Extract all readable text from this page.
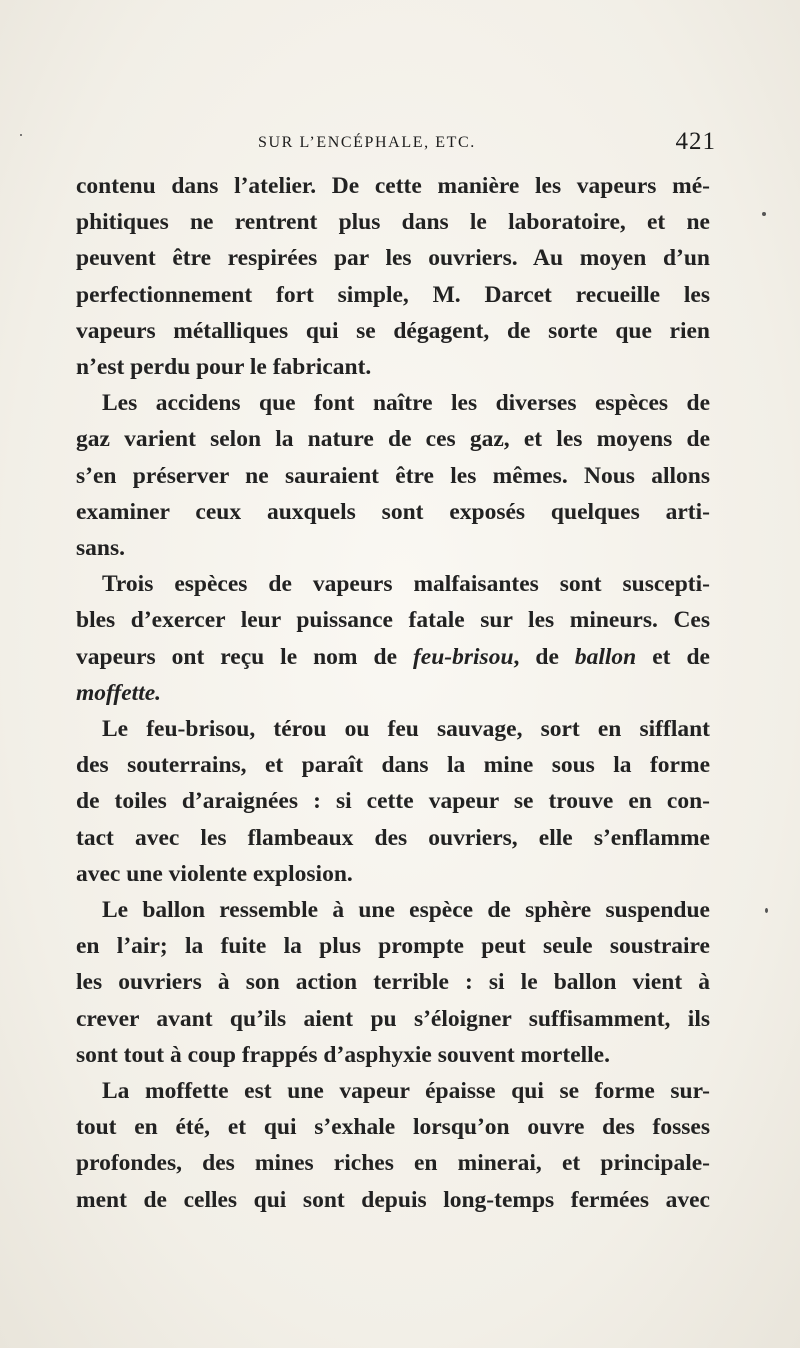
SUR L’ENCÉPHALE, ETC.	421

contenu dans l’atelier. De cette manière les vapeurs mé-
phitiques ne rentrent plus dans le laboratoire, et ne
peuvent être respirées par les ouvriers. Au moyen d’un
perfectionnement fort simple, M. Darcet recueille les
vapeurs métalliques qui se dégagent, de sorte que rien
n’est perdu pour le fabricant.

Les accidens que font naître les diverses espèces de
gaz varient selon la nature de ces gaz, et les moyens de
s’en préserver ne sauraient être les mêmes. Nous allons
examiner ceux auxquels sont exposés quelques arti-
sans.

Trois espèces de vapeurs malfaisantes sont suscepti-
bles d’exercer leur puissance fatale sur les mineurs. Ces
vapeurs ont reçu le nom de feu-brisou, de ballon et de
moffette.

Le feu-brisou, térou ou feu sauvage, sort en sifflant
des souterrains, et paraît dans la mine sous la forme
de toiles d’araignées : si cette vapeur se trouve en con-
tact avec les flambeaux des ouvriers, elle s’enflamme
avec une violente explosion.

Le ballon ressemble à une espèce de sphère suspendue
en l’air; la fuite la plus prompte peut seule soustraire
les ouvriers à son action terrible : si le ballon vient à
crever avant qu’ils aient pu s’éloigner suffisamment, ils
sont tout à coup frappés d’asphyxie souvent mortelle.

La moffette est une vapeur épaisse qui se forme sur-
tout en été, et qui s’exhale lorsqu’on ouvre des fosses
profondes, des mines riches en minerai, et principale-
ment de celles qui sont depuis long-temps fermées avec
